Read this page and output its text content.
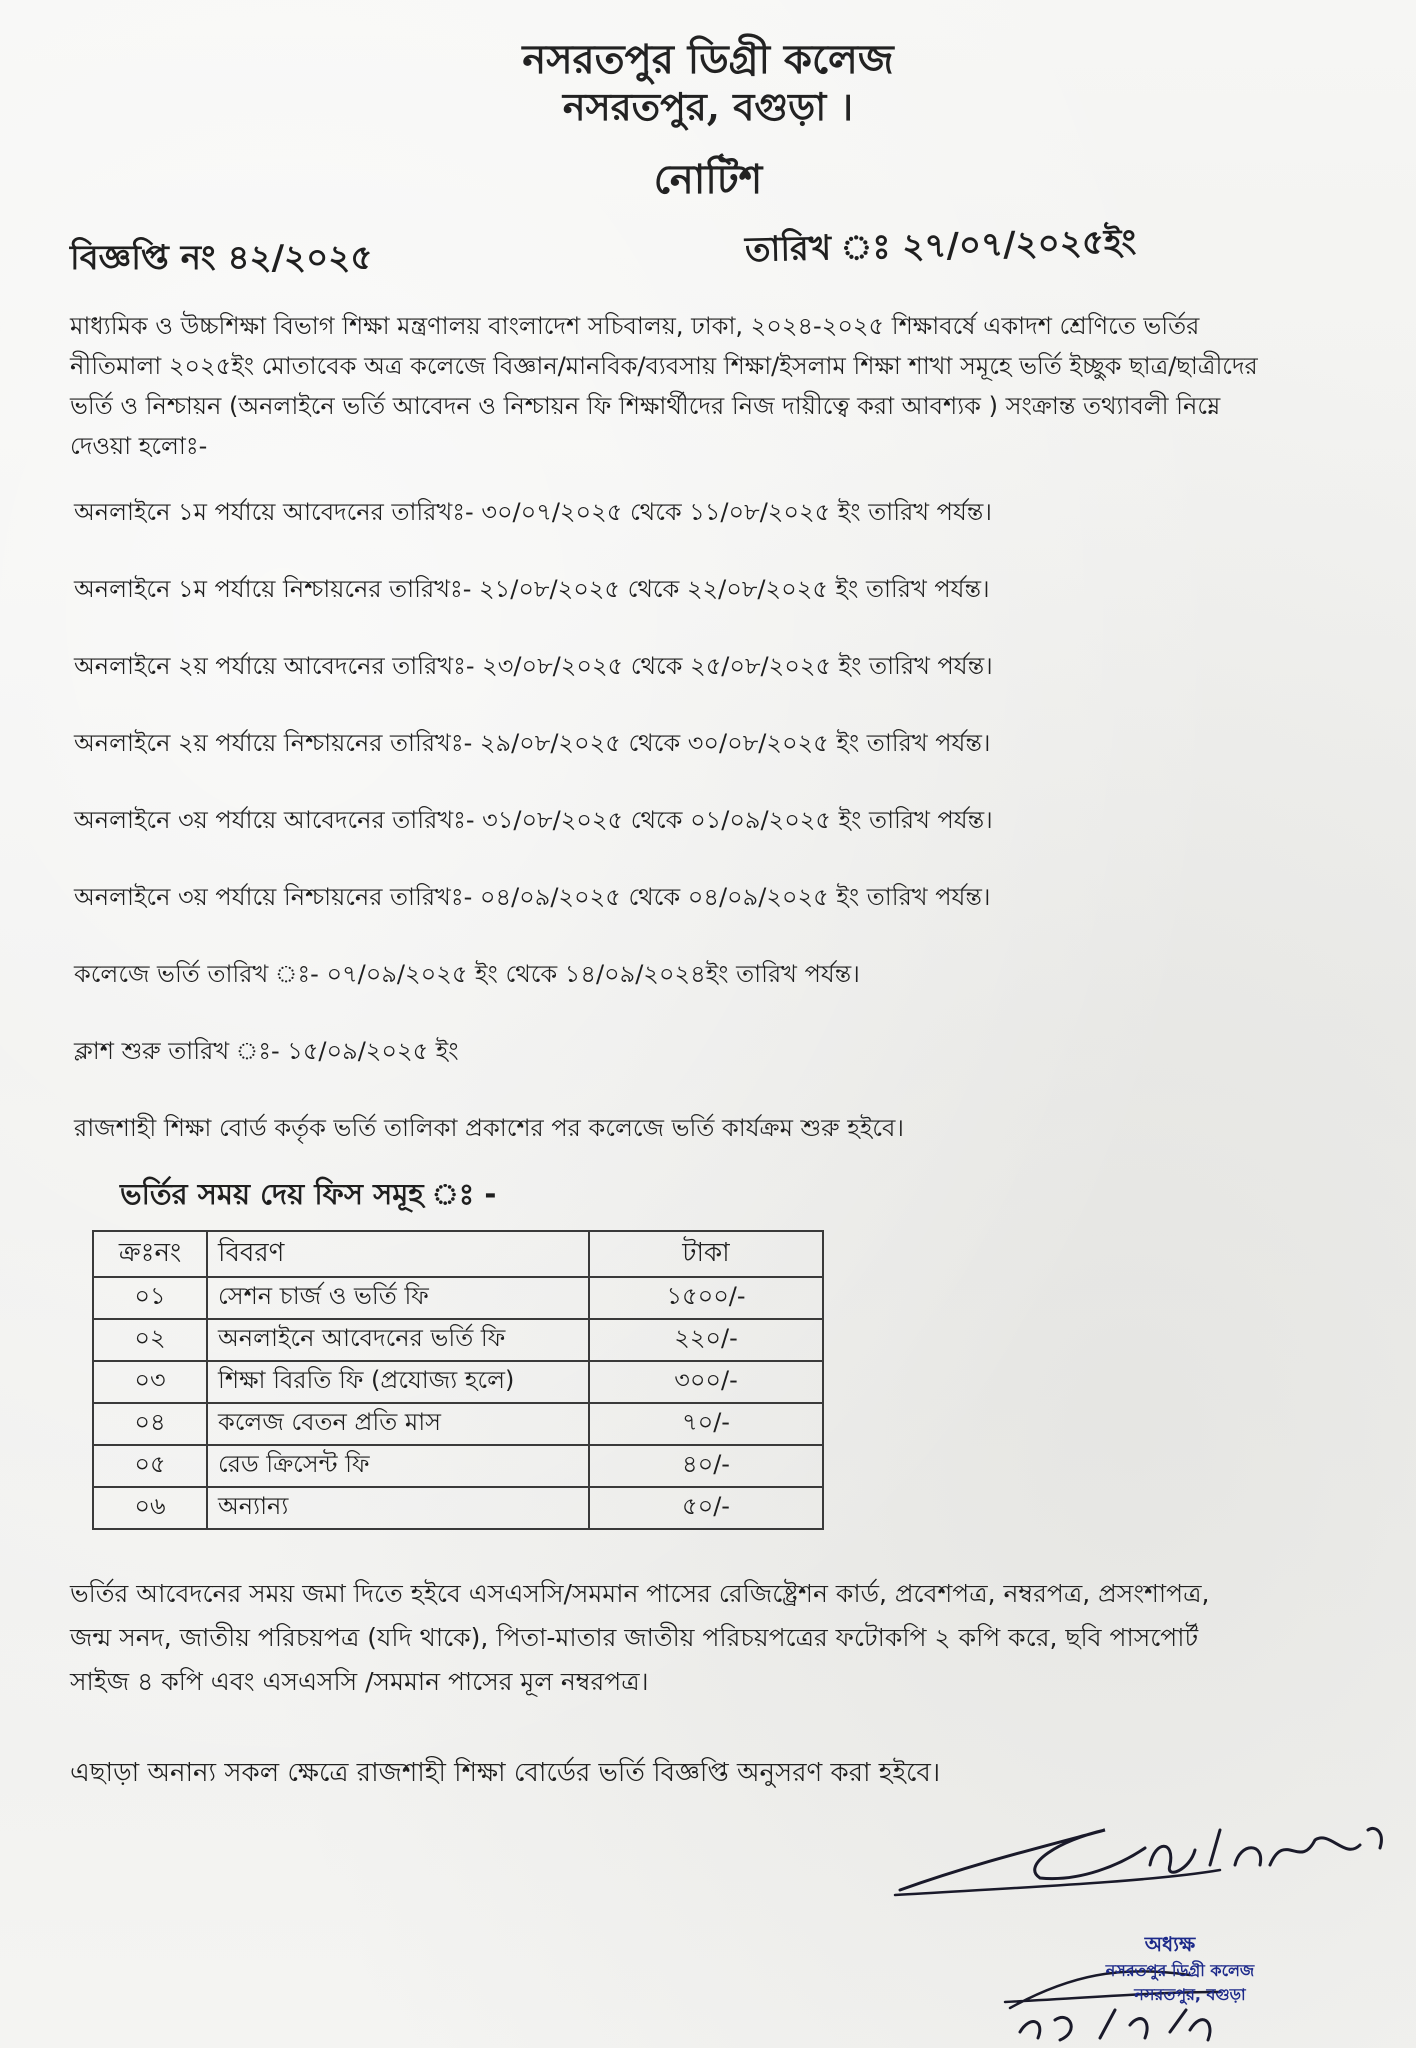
নসরতপুর ডিগ্রী কলেজ
নসরতপুর, বগুড়া ।
নোটিশ
বিজ্ঞপ্তি নং ৪২/২০২৫	তারিখ ঃ ২৭/০৭/২০২৫ইং
মাধ্যমিক ও উচ্চশিক্ষা বিভাগ শিক্ষা মন্ত্রণালয় বাংলাদেশ সচিবালয়, ঢাকা, ২০২৪-২০২৫ শিক্ষাবর্ষে একাদশ শ্রেণিতে ভর্তির নীতিমালা ২০২৫ইং মোতাবেক অত্র কলেজে বিজ্ঞান/মানবিক/ব্যবসায় শিক্ষা/ইসলাম শিক্ষা শাখা সমূহে ভর্তি ইচ্ছুক ছাত্র/ছাত্রীদের ভর্তি ও নিশ্চায়ন (অনলাইনে ভর্তি আবেদন ও নিশ্চায়ন ফি শিক্ষার্থীদের নিজ দায়ীত্বে করা আবশ্যক ) সংক্রান্ত তথ্যাবলী নিম্নে দেওয়া হলোঃ-
অনলাইনে ১ম পর্যায়ে আবেদনের তারিখঃ- ৩০/০৭/২০২৫ থেকে ১১/০৮/২০২৫ ইং তারিখ পর্যন্ত।
অনলাইনে ১ম পর্যায়ে নিশ্চায়নের তারিখঃ- ২১/০৮/২০২৫ থেকে ২২/০৮/২০২৫ ইং তারিখ পর্যন্ত।
অনলাইনে ২য় পর্যায়ে আবেদনের তারিখঃ- ২৩/০৮/২০২৫ থেকে ২৫/০৮/২০২৫ ইং তারিখ পর্যন্ত।
অনলাইনে ২য় পর্যায়ে নিশ্চায়নের তারিখঃ- ২৯/০৮/২০২৫ থেকে ৩০/০৮/২০২৫ ইং তারিখ পর্যন্ত।
অনলাইনে ৩য় পর্যায়ে আবেদনের তারিখঃ- ৩১/০৮/২০২৫ থেকে ০১/০৯/২০২৫ ইং তারিখ পর্যন্ত।
অনলাইনে ৩য় পর্যায়ে নিশ্চায়নের তারিখঃ- ০৪/০৯/২০২৫ থেকে ০৪/০৯/২০২৫ ইং তারিখ পর্যন্ত।
কলেজে ভর্তি তারিখ ঃ- ০৭/০৯/২০২৫ ইং থেকে ১৪/০৯/২০২৪ইং তারিখ পর্যন্ত।
ক্লাশ শুরু তারিখ ঃ- ১৫/০৯/২০২৫ ইং
রাজশাহী শিক্ষা বোর্ড কর্তৃক ভর্তি তালিকা প্রকাশের পর কলেজে ভর্তি কার্যক্রম শুরু হইবে।
ভর্তির সময় দেয় ফিস সমূহ ঃ -
ক্রঃনং	বিবরণ	টাকা
০১	সেশন চার্জ ও ভর্তি ফি	১৫০০/-
০২	অনলাইনে আবেদনের ভর্তি ফি	২২০/-
০৩	শিক্ষা বিরতি ফি (প্রযোজ্য হলে)	৩০০/-
০৪	কলেজ বেতন প্রতি মাস	৭০/-
০৫	রেড ক্রিসেন্ট ফি	৪০/-
০৬	অন্যান্য	৫০/-
ভর্তির আবেদনের সময় জমা দিতে হইবে এসএসসি/সমমান পাসের রেজিষ্ট্রেশন কার্ড, প্রবেশপত্র, নম্বরপত্র, প্রসংশাপত্র, জন্ম সনদ, জাতীয় পরিচয়পত্র (যদি থাকে), পিতা-মাতার জাতীয় পরিচয়পত্রের ফটোকপি ২ কপি করে, ছবি পাসপোর্ট সাইজ ৪ কপি এবং এসএসসি /সমমান পাসের মূল নম্বরপত্র।
এছাড়া অনান্য সকল ক্ষেত্রে রাজশাহী শিক্ষা বোর্ডের ভর্তি বিজ্ঞপ্তি অনুসরণ করা হইবে।
অধ্যক্ষ
নসরতপুর ডিগ্রী কলেজ
নসরতপুর, বগুড়া
